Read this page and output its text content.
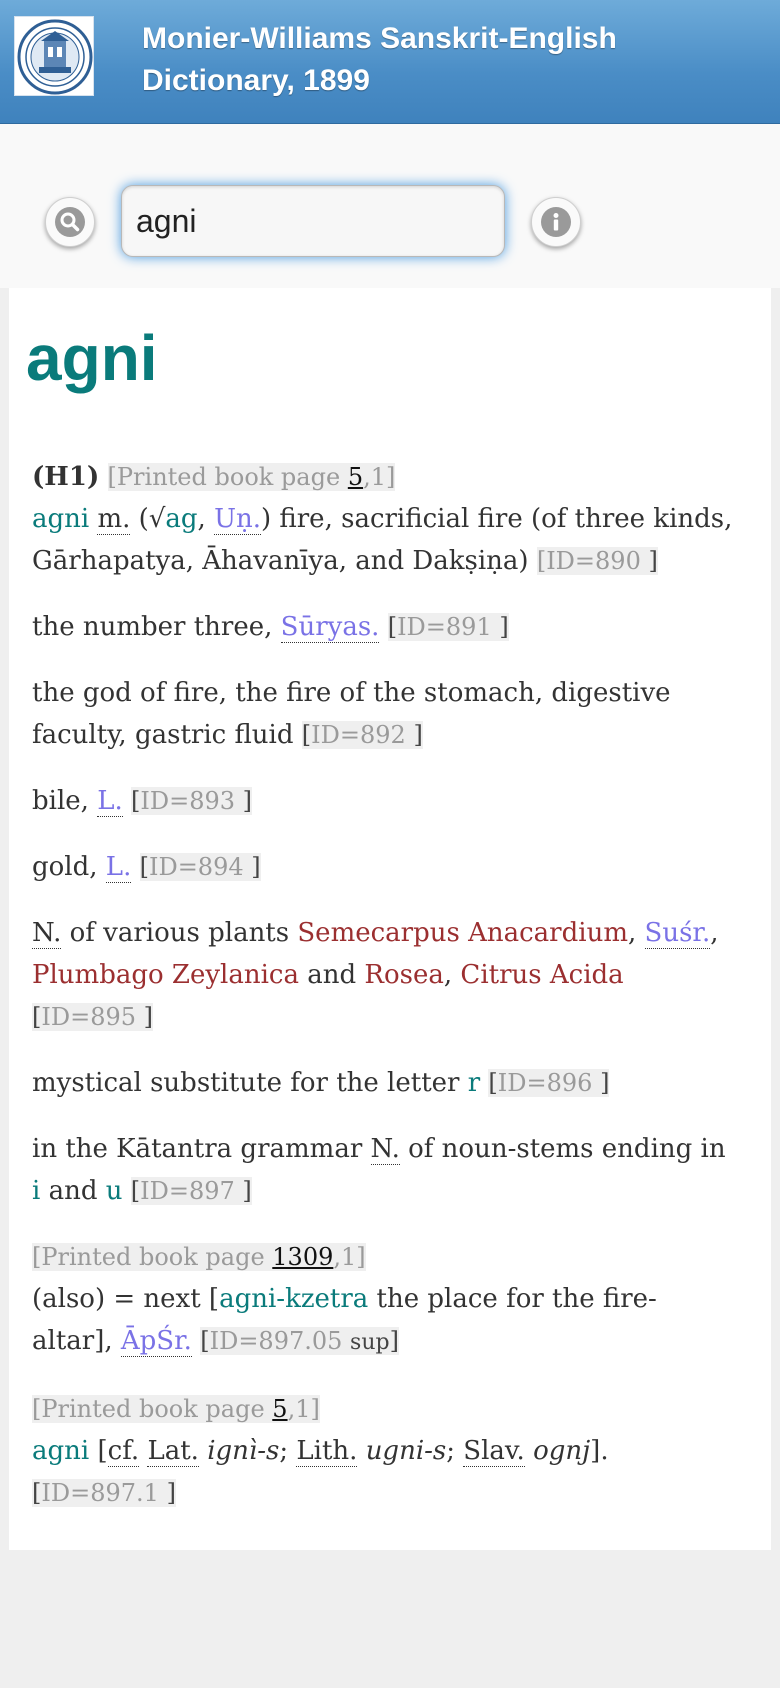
Monier-Williams Sanskrit-English
Dictionary, 1899
agni
agni

(H1) [Printed book page 5,1]
agni m. (√ag, Uṇ.) fire, sacrificial fire (of three kinds,
Gārhapatya, Āhavanīya, and Dakṣiṇa) [ID=890 ]

the number three, Sūryas. [ID=891 ]

the god of fire, the fire of the stomach, digestive
faculty, gastric fluid [ID=892 ]

bile, L. [ID=893 ]

gold, L. [ID=894 ]

N. of various plants Semecarpus Anacardium, Suśr.,
Plumbago Zeylanica and Rosea, Citrus Acida
[ID=895 ]

mystical substitute for the letter r [ID=896 ]

in the Kātantra grammar N. of noun-stems ending in
i and u [ID=897 ]

[Printed book page 1309,1]
(also) = next [agni-kzetra the place for the fire-
altar], ĀpŚr. [ID=897.05 sup]

[Printed book page 5,1]
agni [cf. Lat. ignì-s; Lith. ugni-s; Slav. ognj].
[ID=897.1 ]
